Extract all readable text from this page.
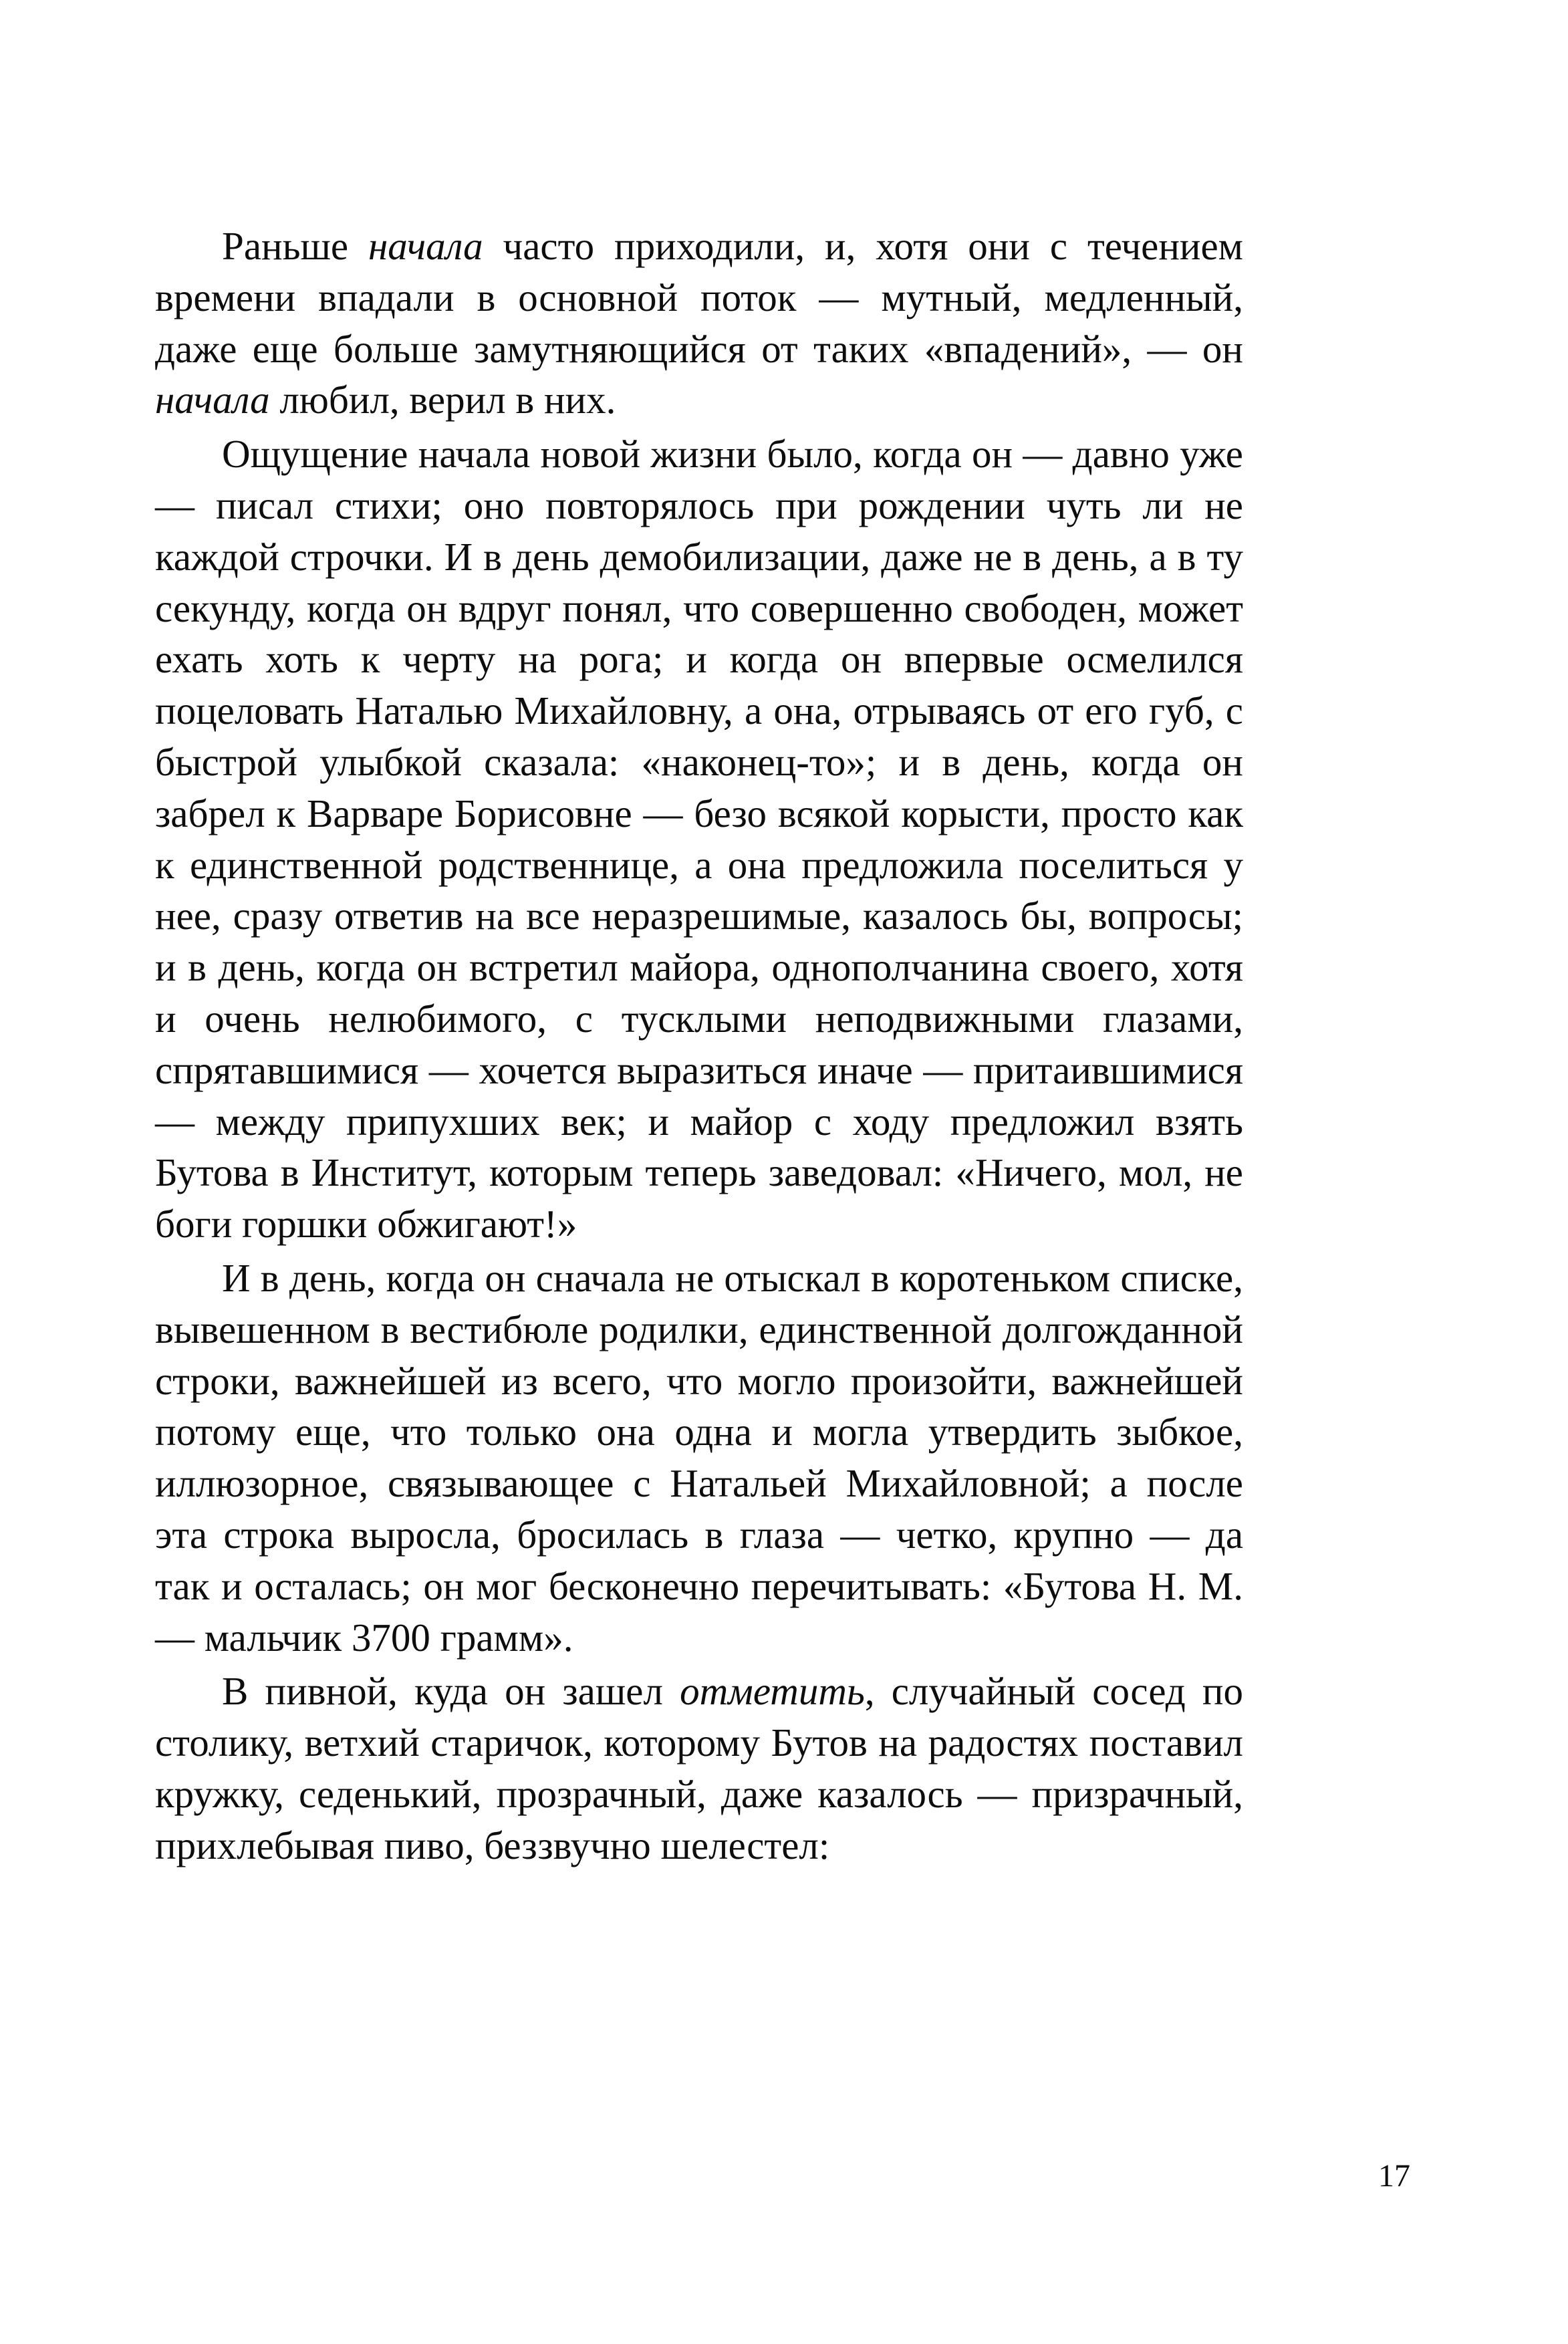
Раньше начала часто приходили, и, хотя они с течением времени впадали в основной поток — мутный, медленный, даже еще больше замутняющийся от таких «впадений», — он начала любил, верил в них.

Ощущение начала новой жизни было, когда он — давно уже — писал стихи; оно повторялось при рождении чуть ли не каждой строчки. И в день демобилизации, даже не в день, а в ту секунду, когда он вдруг понял, что совершенно свободен, может ехать хоть к черту на рога; и когда он впервые осмелился поцеловать Наталью Михайловну, а она, отрываясь от его губ, с быстрой улыбкой сказала: «наконец-то»; и в день, когда он забрел к Варваре Борисовне — безо всякой корысти, просто как к единственной родственнице, а она предложила поселиться у нее, сразу ответив на все неразрешимые, казалось бы, вопросы; и в день, когда он встретил майора, однополчанина своего, хотя и очень нелюбимого, с тусклыми неподвижными глазами, спрятавшимися — хочется выразиться иначе — притаившимися — между припухших век; и майор с ходу предложил взять Бутова в Институт, которым теперь заведовал: «Ничего, мол, не боги горшки обжигают!»

И в день, когда он сначала не отыскал в коротеньком списке, вывешенном в вестибюле родилки, единственной долгожданной строки, важнейшей из всего, что могло произойти, важнейшей потому еще, что только она одна и могла утвердить зыбкое, иллюзорное, связывающее с Натальей Михайловной; а после эта строка выросла, бросилась в глаза — четко, крупно — да так и осталась; он мог бесконечно перечитывать: «Бутова Н. М. — мальчик 3700 грамм».

В пивной, куда он зашел отметить, случайный сосед по столику, ветхий старичок, которому Бутов на радостях поставил кружку, седенький, прозрачный, даже казалось — призрачный, прихлебывая пиво, беззвучно шелестел:

17
